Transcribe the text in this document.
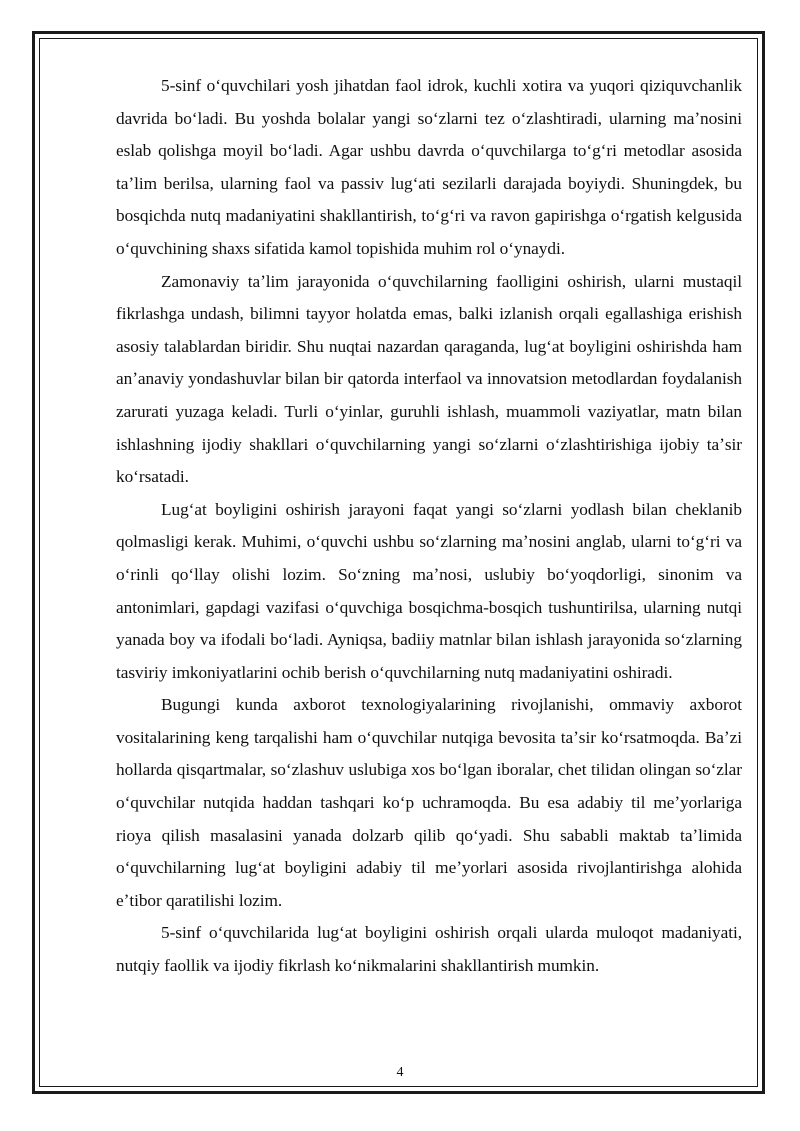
5-sinf oʻquvchilari yosh jihatdan faol idrok, kuchli xotira va yuqori qiziquvchanlik davrida boʻladi. Bu yoshda bolalar yangi soʻzlarni tez oʻzlashtiradi, ularning maʼnosini eslab qolishga moyil boʻladi. Agar ushbu davrda oʻquvchilarga toʻgʻri metodlar asosida taʼlim berilsa, ularning faol va passiv lugʻati sezilarli darajada boyiydi. Shuningdek, bu bosqichda nutq madaniyatini shakllantirish, toʻgʻri va ravon gapirishga oʻrgatish kelgusida oʻquvchining shaxs sifatida kamol topishida muhim rol oʻynaydi.

Zamonaviy taʼlim jarayonida oʻquvchilarning faolligini oshirish, ularni mustaqil fikrlashga undash, bilimni tayyor holatda emas, balki izlanish orqali egallashiga erishish asosiy talablardan biridir. Shu nuqtai nazardan qaraganda, lugʻat boyligini oshirishda ham anʼanaviy yondashuvlar bilan bir qatorda interfaol va innovatsion metodlardan foydalanish zarurati yuzaga keladi. Turli oʻyinlar, guruhli ishlash, muammoli vaziyatlar, matn bilan ishlashning ijodiy shakllari oʻquvchilarning yangi soʻzlarni oʻzlashtirishiga ijobiy taʼsir koʻrsatadi.

Lugʻat boyligini oshirish jarayoni faqat yangi soʻzlarni yodlash bilan cheklanib qolmasligi kerak. Muhimi, oʻquvchi ushbu soʻzlarning maʼnosini anglab, ularni toʻgʻri va oʻrinli qoʻllay olishi lozim. Soʻzning maʼnosi, uslubiy boʻyoqdorligi, sinonim va antonimlari, gapdagi vazifasi oʻquvchiga bosqichma-bosqich tushuntirilsa, ularning nutqi yanada boy va ifodali boʻladi. Ayniqsa, badiiy matnlar bilan ishlash jarayonida soʻzlarning tasviriy imkoniyatlarini ochib berish oʻquvchilarning nutq madaniyatini oshiradi.

Bugungi kunda axborot texnologiyalarining rivojlanishi, ommaviy axborot vositalarining keng tarqalishi ham oʻquvchilar nutqiga bevosita taʼsir koʻrsatmoqda. Baʼzi hollarda qisqartmalar, soʻzlashuv uslubiga xos boʻlgan iboralar, chet tilidan olingan soʻzlar oʻquvchilar nutqida haddan tashqari koʻp uchramoqda. Bu esa adabiy til meʼyorlariga rioya qilish masalasini yanada dolzarb qilib qoʻyadi. Shu sababli maktab taʼlimida oʻquvchilarning lugʻat boyligini adabiy til meʼyorlari asosida rivojlantirishga alohida eʼtibor qaratilishi lozim.

5-sinf oʻquvchilarida lugʻat boyligini oshirish orqali ularda muloqot madaniyati, nutqiy faollik va ijodiy fikrlash koʻnikmalarini shakllantirish mumkin.

4
